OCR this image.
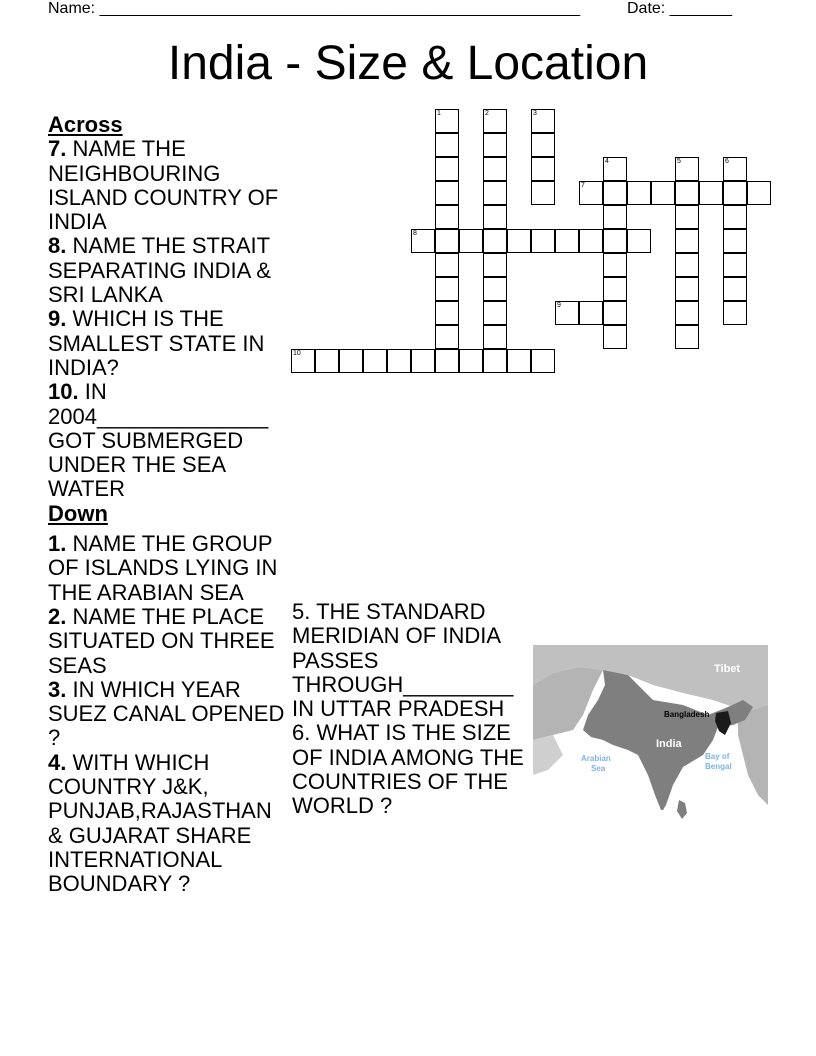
Name: ______________________________________________________	Date: _______
India - Size & Location
1	2	3
4	5	6
7
8
9
10
Across
7. NAME THE NEIGHBOURING ISLAND COUNTRY OF INDIA
8. NAME THE STRAIT SEPARATING INDIA & SRI LANKA
9. WHICH IS THE SMALLEST STATE IN INDIA?
10. IN 2004______________ GOT SUBMERGED UNDER THE SEA WATER
Down
1. NAME THE GROUP OF ISLANDS LYING IN THE ARABIAN SEA
2. NAME THE PLACE SITUATED ON THREE SEAS
3. IN WHICH YEAR SUEZ CANAL OPENED ?
4. WITH WHICH COUNTRY J&K, PUNJAB,RAJASTHAN & GUJARAT SHARE INTERNATIONAL BOUNDARY ?
5. THE STANDARD MERIDIAN OF INDIA PASSES THROUGH_________ IN UTTAR PRADESH
6. WHAT IS THE SIZE OF INDIA AMONG THE COUNTRIES OF THE WORLD ?
Tibet
Bangladesh
India
Arabian
Sea
Bay of
Bengal
